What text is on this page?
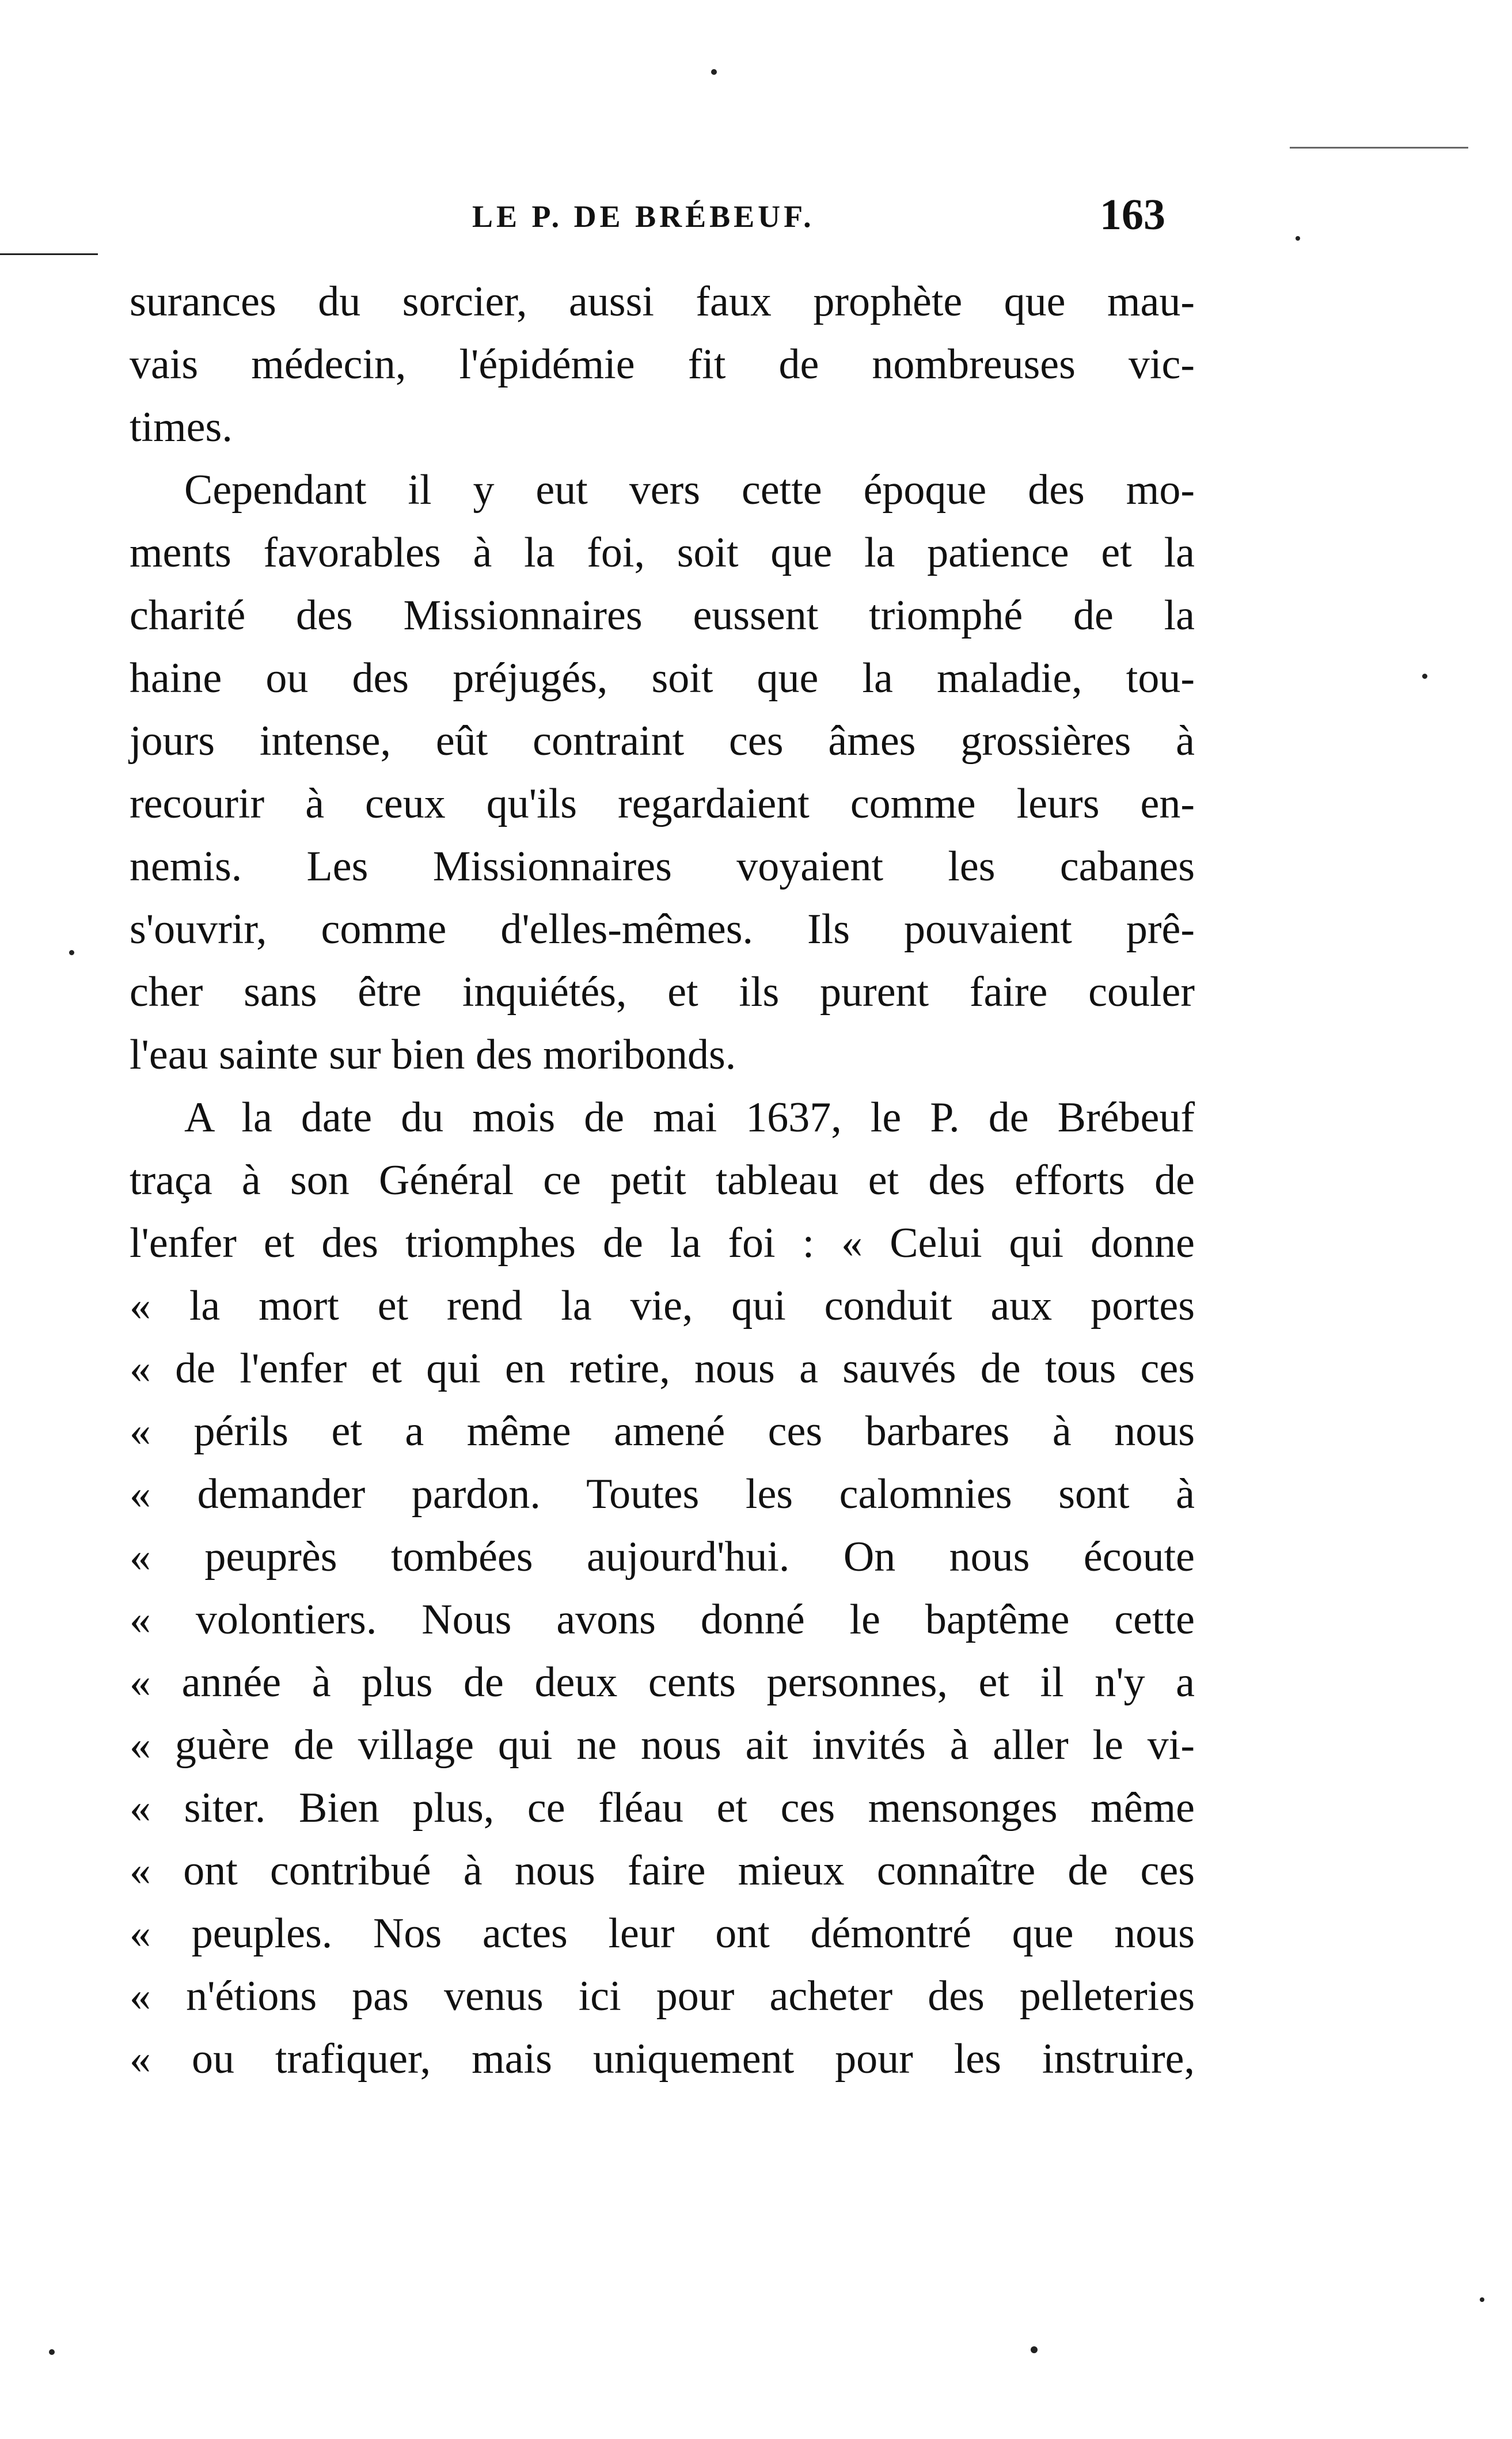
LE P. DE BRÉBEUF.	163
surances du sorcier, aussi faux prophète que mau-
vais médecin, l'épidémie fit de nombreuses vic-
times.
Cependant il y eut vers cette époque des mo-
ments favorables à la foi, soit que la patience et la
charité des Missionnaires eussent triomphé de la
haine ou des préjugés, soit que la maladie, tou-
jours intense, eût contraint ces âmes grossières à
recourir à ceux qu'ils regardaient comme leurs en-
nemis. Les Missionnaires voyaient les cabanes
s'ouvrir, comme d'elles-mêmes. Ils pouvaient prê-
cher sans être inquiétés, et ils purent faire couler
l'eau sainte sur bien des moribonds.
A la date du mois de mai 1637, le P. de Brébeuf
traça à son Général ce petit tableau et des efforts de
l'enfer et des triomphes de la foi : « Celui qui donne
« la mort et rend la vie, qui conduit aux portes
« de l'enfer et qui en retire, nous a sauvés de tous ces
« périls et a même amené ces barbares à nous
« demander pardon. Toutes les calomnies sont à
« peuprès tombées aujourd'hui. On nous écoute
« volontiers. Nous avons donné le baptême cette
« année à plus de deux cents personnes, et il n'y a
« guère de village qui ne nous ait invités à aller le vi-
« siter. Bien plus, ce fléau et ces mensonges même
« ont contribué à nous faire mieux connaître de ces
« peuples. Nos actes leur ont démontré que nous
« n'étions pas venus ici pour acheter des pelleteries
« ou trafiquer, mais uniquement pour les instruire,
